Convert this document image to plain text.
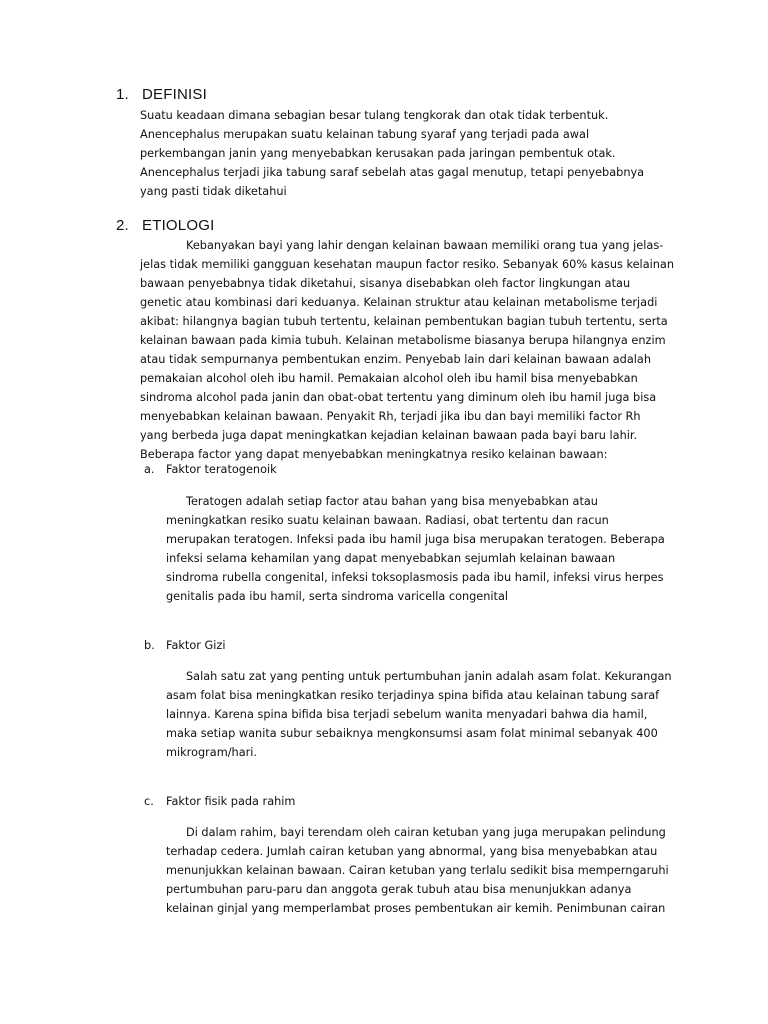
1. DEFINISI

Suatu keadaan dimana sebagian besar tulang tengkorak dan otak tidak terbentuk.

Anencephalus merupakan suatu kelainan tabung syaraf yang terjadi pada awal

perkembangan janin yang menyebabkan kerusakan pada jaringan pembentuk otak.

Anencephalus terjadi jika tabung saraf sebelah atas gagal menutup, tetapi penyebabnya

yang pasti tidak diketahui

2. ETIOLOGI

Kebanyakan bayi yang lahir dengan kelainan bawaan memiliki orang tua yang jelas-

jelas tidak memiliki gangguan kesehatan maupun factor resiko. Sebanyak 60% kasus kelainan

bawaan penyebabnya tidak diketahui, sisanya disebabkan oleh factor lingkungan atau

genetic atau kombinasi dari keduanya. Kelainan struktur atau kelainan metabolisme terjadi

akibat: hilangnya bagian tubuh tertentu, kelainan pembentukan bagian tubuh tertentu, serta

kelainan bawaan pada kimia tubuh. Kelainan metabolisme biasanya berupa hilangnya enzim

atau tidak sempurnanya pembentukan enzim. Penyebab lain dari kelainan bawaan adalah

pemakaian alcohol oleh ibu hamil. Pemakaian alcohol oleh ibu hamil bisa menyebabkan

sindroma alcohol pada janin dan obat-obat tertentu yang diminum oleh ibu hamil juga bisa

menyebabkan kelainan bawaan. Penyakit Rh, terjadi jika ibu dan bayi memiliki factor Rh

yang berbeda juga dapat meningkatkan kejadian kelainan bawaan pada bayi baru lahir.

Beberapa factor yang dapat menyebabkan meningkatnya resiko kelainan bawaan:

a. Faktor teratogenoik

Teratogen adalah setiap factor atau bahan yang bisa menyebabkan atau

meningkatkan resiko suatu kelainan bawaan. Radiasi, obat tertentu dan racun

merupakan teratogen. Infeksi pada ibu hamil juga bisa merupakan teratogen. Beberapa

infeksi selama kehamilan yang dapat menyebabkan sejumlah kelainan bawaan

sindroma rubella congenital, infeksi toksoplasmosis pada ibu hamil, infeksi virus herpes

genitalis pada ibu hamil, serta sindroma varicella congenital

b. Faktor Gizi

Salah satu zat yang penting untuk pertumbuhan janin adalah asam folat. Kekurangan

asam folat bisa meningkatkan resiko terjadinya spina bifida atau kelainan tabung saraf

lainnya. Karena spina bifida bisa terjadi sebelum wanita menyadari bahwa dia hamil,

maka setiap wanita subur sebaiknya mengkonsumsi asam folat minimal sebanyak 400

mikrogram/hari.

c. Faktor fisik pada rahim

Di dalam rahim, bayi terendam oleh cairan ketuban yang juga merupakan pelindung

terhadap cedera. Jumlah cairan ketuban yang abnormal, yang bisa menyebabkan atau

menunjukkan kelainan bawaan. Cairan ketuban yang terlalu sedikit bisa memperngaruhi

pertumbuhan paru-paru dan anggota gerak tubuh atau bisa menunjukkan adanya

kelainan ginjal yang memperlambat proses pembentukan air kemih. Penimbunan cairan
